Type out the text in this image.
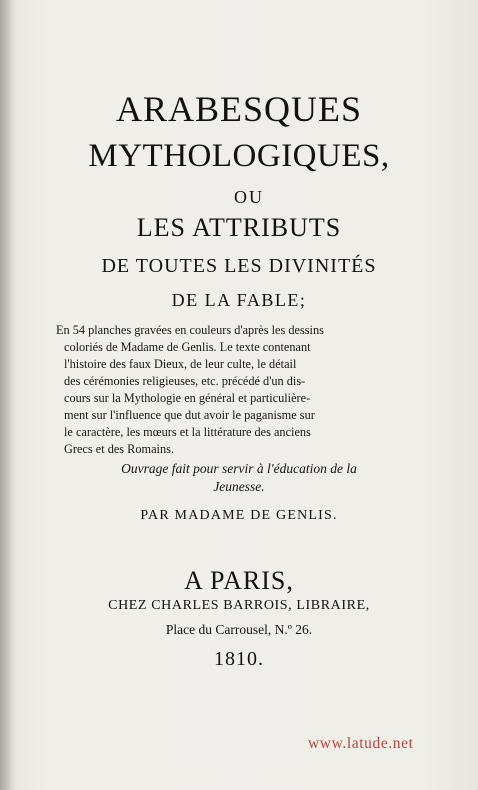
ARABESQUES
MYTHOLOGIQUES,
OU
LES ATTRIBUTS
DE TOUTES LES DIVINITÉS
DE LA FABLE;
En 54 planches gravées en couleurs d'après les dessins
coloriés de Madame de Genlis. Le texte contenant
l'histoire des faux Dieux, de leur culte, le détail
des cérémonies religieuses, etc. précédé d'un dis-
cours sur la Mythologie en général et particulière-
ment sur l'influence que dut avoir le paganisme sur
le caractère, les mœurs et la littérature des anciens
Grecs et des Romains.
Ouvrage fait pour servir à l'éducation de la
Jeunesse.
PAR MADAME DE GENLIS.
A PARIS,
CHEZ CHARLES BARROIS, LIBRAIRE,
Place du Carrousel, N.º 26.
1810.
www.latude.net
